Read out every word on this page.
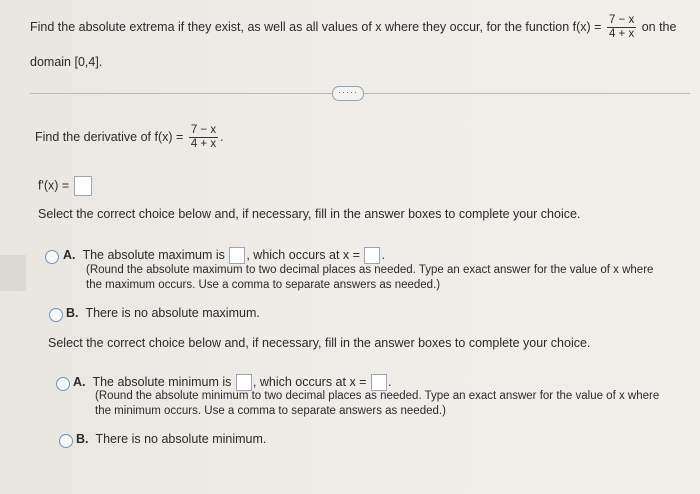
Find the absolute extrema if they exist, as well as all values of x where they occur, for the function $f(x) = \frac{7 - x}{4 + x}$ on the
domain [0,4].
·····
Find the derivative of $f(x) = \frac{7 - x}{4 + x}$ .
f'(x) =
Select the correct choice below and, if necessary, fill in the answer boxes to complete your choice.
A. The absolute maximum is , which occurs at x = .
(Round the absolute maximum to two decimal places as needed. Type an exact answer for the value of x where
the maximum occurs. Use a comma to separate answers as needed.)
B. There is no absolute maximum.
Select the correct choice below and, if necessary, fill in the answer boxes to complete your choice.
A. The absolute minimum is , which occurs at x = .
(Round the absolute minimum to two decimal places as needed. Type an exact answer for the value of x where
the minimum occurs. Use a comma to separate answers as needed.)
B. There is no absolute minimum.
